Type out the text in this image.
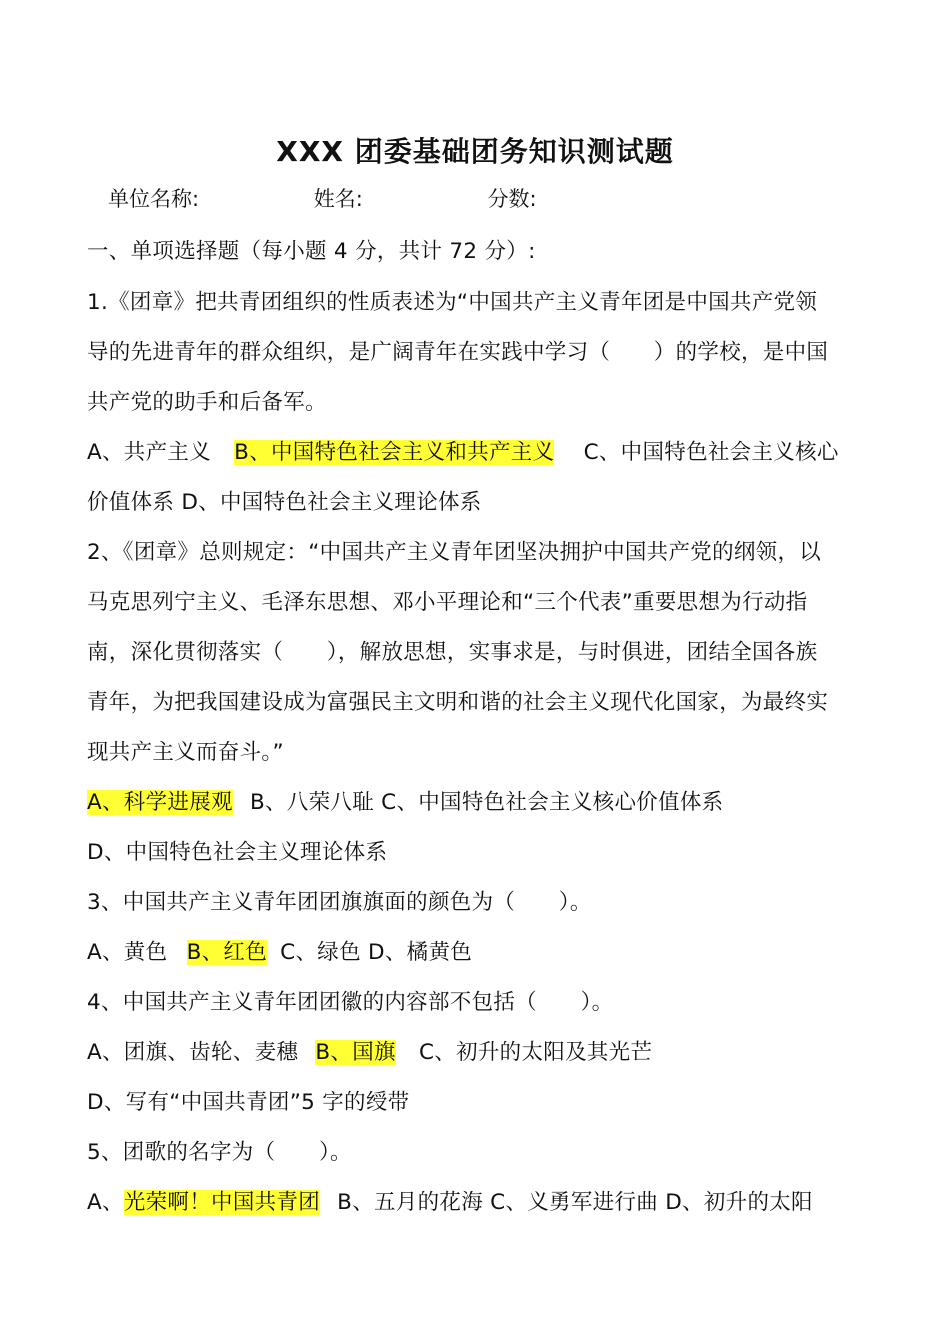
XXX 团委基础团务知识测试题
单位名称:	姓名:	分数:
一、单项选择题（每小题 4 分，共计 72 分）:
1.《团章》把共青团组织的性质表述为“中国共产主义青年团是中国共产党领
导的先进青年的群众组织，是广阔青年在实践中学习（　　）的学校，是中国
共产党的助手和后备军。
A、共产主义 B、中国特色社会主义和共产主义 C、中国特色社会主义核心
价值体系 D、中国特色社会主义理论体系
2、《团章》总则规定：“中国共产主义青年团坚决拥护中国共产党的纲领，以
马克思列宁主义、毛泽东思想、邓小平理论和“三个代表”重要思想为行动指
南，深化贯彻落实（　　），解放思想，实事求是，与时俱进，团结全国各族
青年，为把我国建设成为富强民主文明和谐的社会主义现代化国家，为最终实
现共产主义而奋斗。”
A、科学进展观 B、八荣八耻 C、中国特色社会主义核心价值体系
D、中国特色社会主义理论体系
3、中国共产主义青年团团旗旗面的颜色为（　　）。
A、黄色 B、红色 C、绿色 D、橘黄色
4、中国共产主义青年团团徽的内容部不包括（　　）。
A、团旗、齿轮、麦穗 B、国旗 C、初升的太阳及其光芒
D、写有“中国共青团”5 字的绶带
5、团歌的名字为（　　）。
A、光荣啊！中国共青团 B、五月的花海 C、义勇军进行曲 D、初升的太阳
